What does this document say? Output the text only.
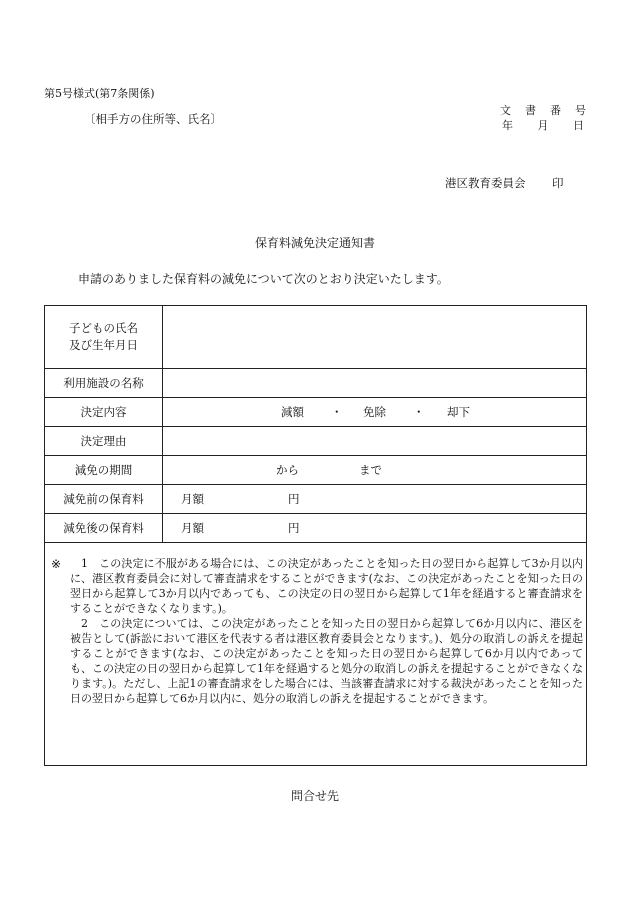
第5号様式(第7条関係)
文 書 番 号
年 月 日
〔相手方の住所等、氏名〕
港区教育委員会 印
保育料減免決定通知書
申請のありました保育料の減免について次のとおり決定いたします。
子どもの氏名
及び生年月日	

利用施設の名称	
決定内容	減額 ・ 免除 ・ 却下

決定理由	
減免の期間	から まで

減免前の保育料	月額 円

減免後の保育料	月額 円
※	1　この決定に不服がある場合には、この決定があったことを知った日の翌日から起算して3か月以内に、港区教育委員会に対して審査請求をすることができます(なお、この決定があったことを知った日の翌日から起算して3か月以内であっても、この決定の日の翌日から起算して1年を経過すると審査請求をすることができなくなります。)。

2　この決定については、この決定があったことを知った日の翌日から起算して6か月以内に、港区を被告として(訴訟において港区を代表する者は港区教育委員会となります。)、処分の取消しの訴えを提起することができます(なお、この決定があったことを知った日の翌日から起算して6か月以内であっても、この決定の日の翌日から起算して1年を経過すると処分の取消しの訴えを提起することができなくなります。)。ただし、上記1の審査請求をした場合には、当該審査請求に対する裁決があったことを知った日の翌日から起算して6か月以内に、処分の取消しの訴えを提起することができます。

問合せ先
